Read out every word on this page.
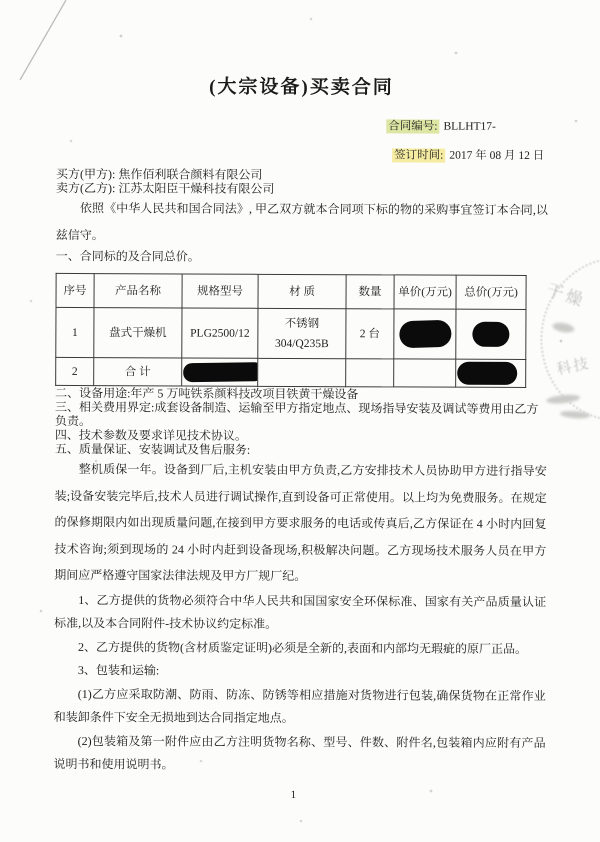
(大宗设备)买卖合同

合同编号: BLLHT17-

签订时间: 2017 年 08 月 12 日

买方(甲方): 焦作佰利联合颜料有限公司

卖方(乙方): 江苏太阳臣干燥科技有限公司

依照《中华人民共和国合同法》, 甲乙双方就本合同项下标的物的采购事宜签订本合同,以兹信守。

一、合同标的及合同总价。

序号	产品名称	规格型号	材 质	数量	单价(万元)	总价(万元)
1	盘式干燥机	PLG2500/12	不锈钢
304/Q235B	2 台		
2	合 计					

二、设备用途:年产 5 万吨铁系颜料技改项目铁黄干燥设备

三、相关费用界定:成套设备制造、运输至甲方指定地点、现场指导安装及调试等费用由乙方负责。

四、技术参数及要求详见技术协议。

五、质量保证、安装调试及售后服务:

整机质保一年。设备到厂后,主机安装由甲方负责,乙方安排技术人员协助甲方进行指导安装;设备安装完毕后,技术人员进行调试操作,直到设备可正常使用。以上均为免费服务。在规定的保修期限内如出现质量问题,在接到甲方要求服务的电话或传真后,乙方保证在 4 小时内回复技术咨询;须到现场的 24 小时内赶到设备现场,积极解决问题。乙方现场技术服务人员在甲方期间应严格遵守国家法律法规及甲方厂规厂纪。

1、乙方提供的货物必须符合中华人民共和国国家安全环保标准、国家有关产品质量认证标准,以及本合同附件-技术协议约定标准。

2、乙方提供的货物(含材质鉴定证明)必须是全新的,表面和内部均无瑕疵的原厂正品。

3、包装和运输:

(1)乙方应采取防潮、防雨、防冻、防锈等相应措施对货物进行包装,确保货物在正常作业和装卸条件下安全无损地到达合同指定地点。

(2)包装箱及第一附件应由乙方注明货物名称、型号、件数、附件名,包装箱内应附有产品说明书和使用说明书。

干燥
科技
1
